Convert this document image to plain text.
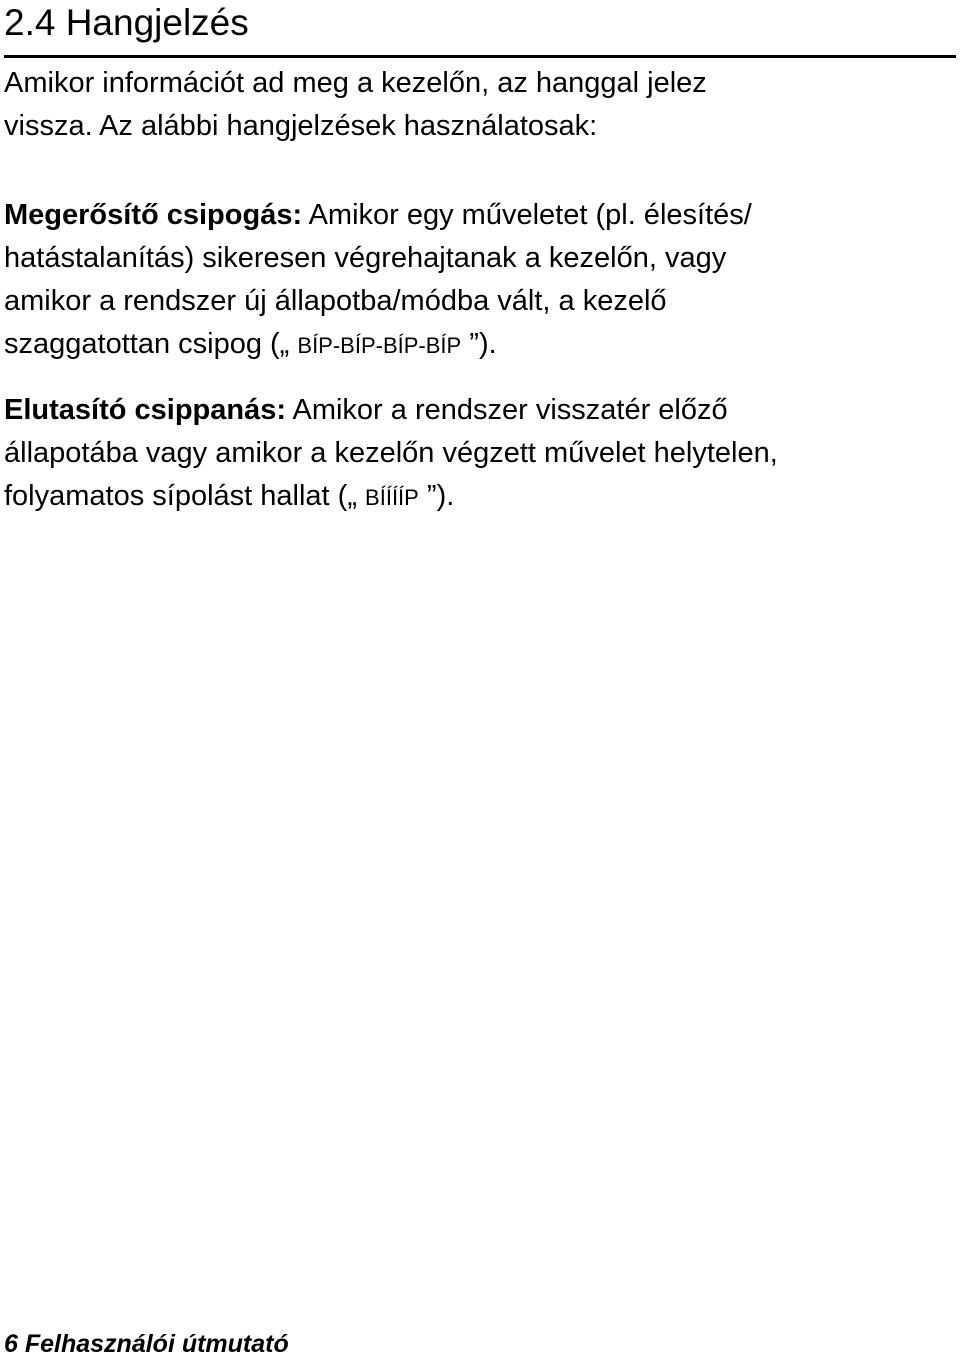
2.4 Hangjelzés

Amikor információt ad meg a kezelőn, az hanggal jelez
vissza. Az alábbi hangjelzések használatosak:

Megerősítő csipogás: Amikor egy műveletet (pl. élesítés/
hatástalanítás) sikeresen végrehajtanak a kezelőn, vagy
amikor a rendszer új állapotba/módba vált, a kezelő
szaggatottan csipog („ BÍP-BÍP-BÍP-BÍP ”).

Elutasító csippanás: Amikor a rendszer visszatér előző
állapotába vagy amikor a kezelőn végzett művelet helytelen,
folyamatos sípolást hallat („ BÍÍÍÍP ”).

6 Felhasználói útmutató
